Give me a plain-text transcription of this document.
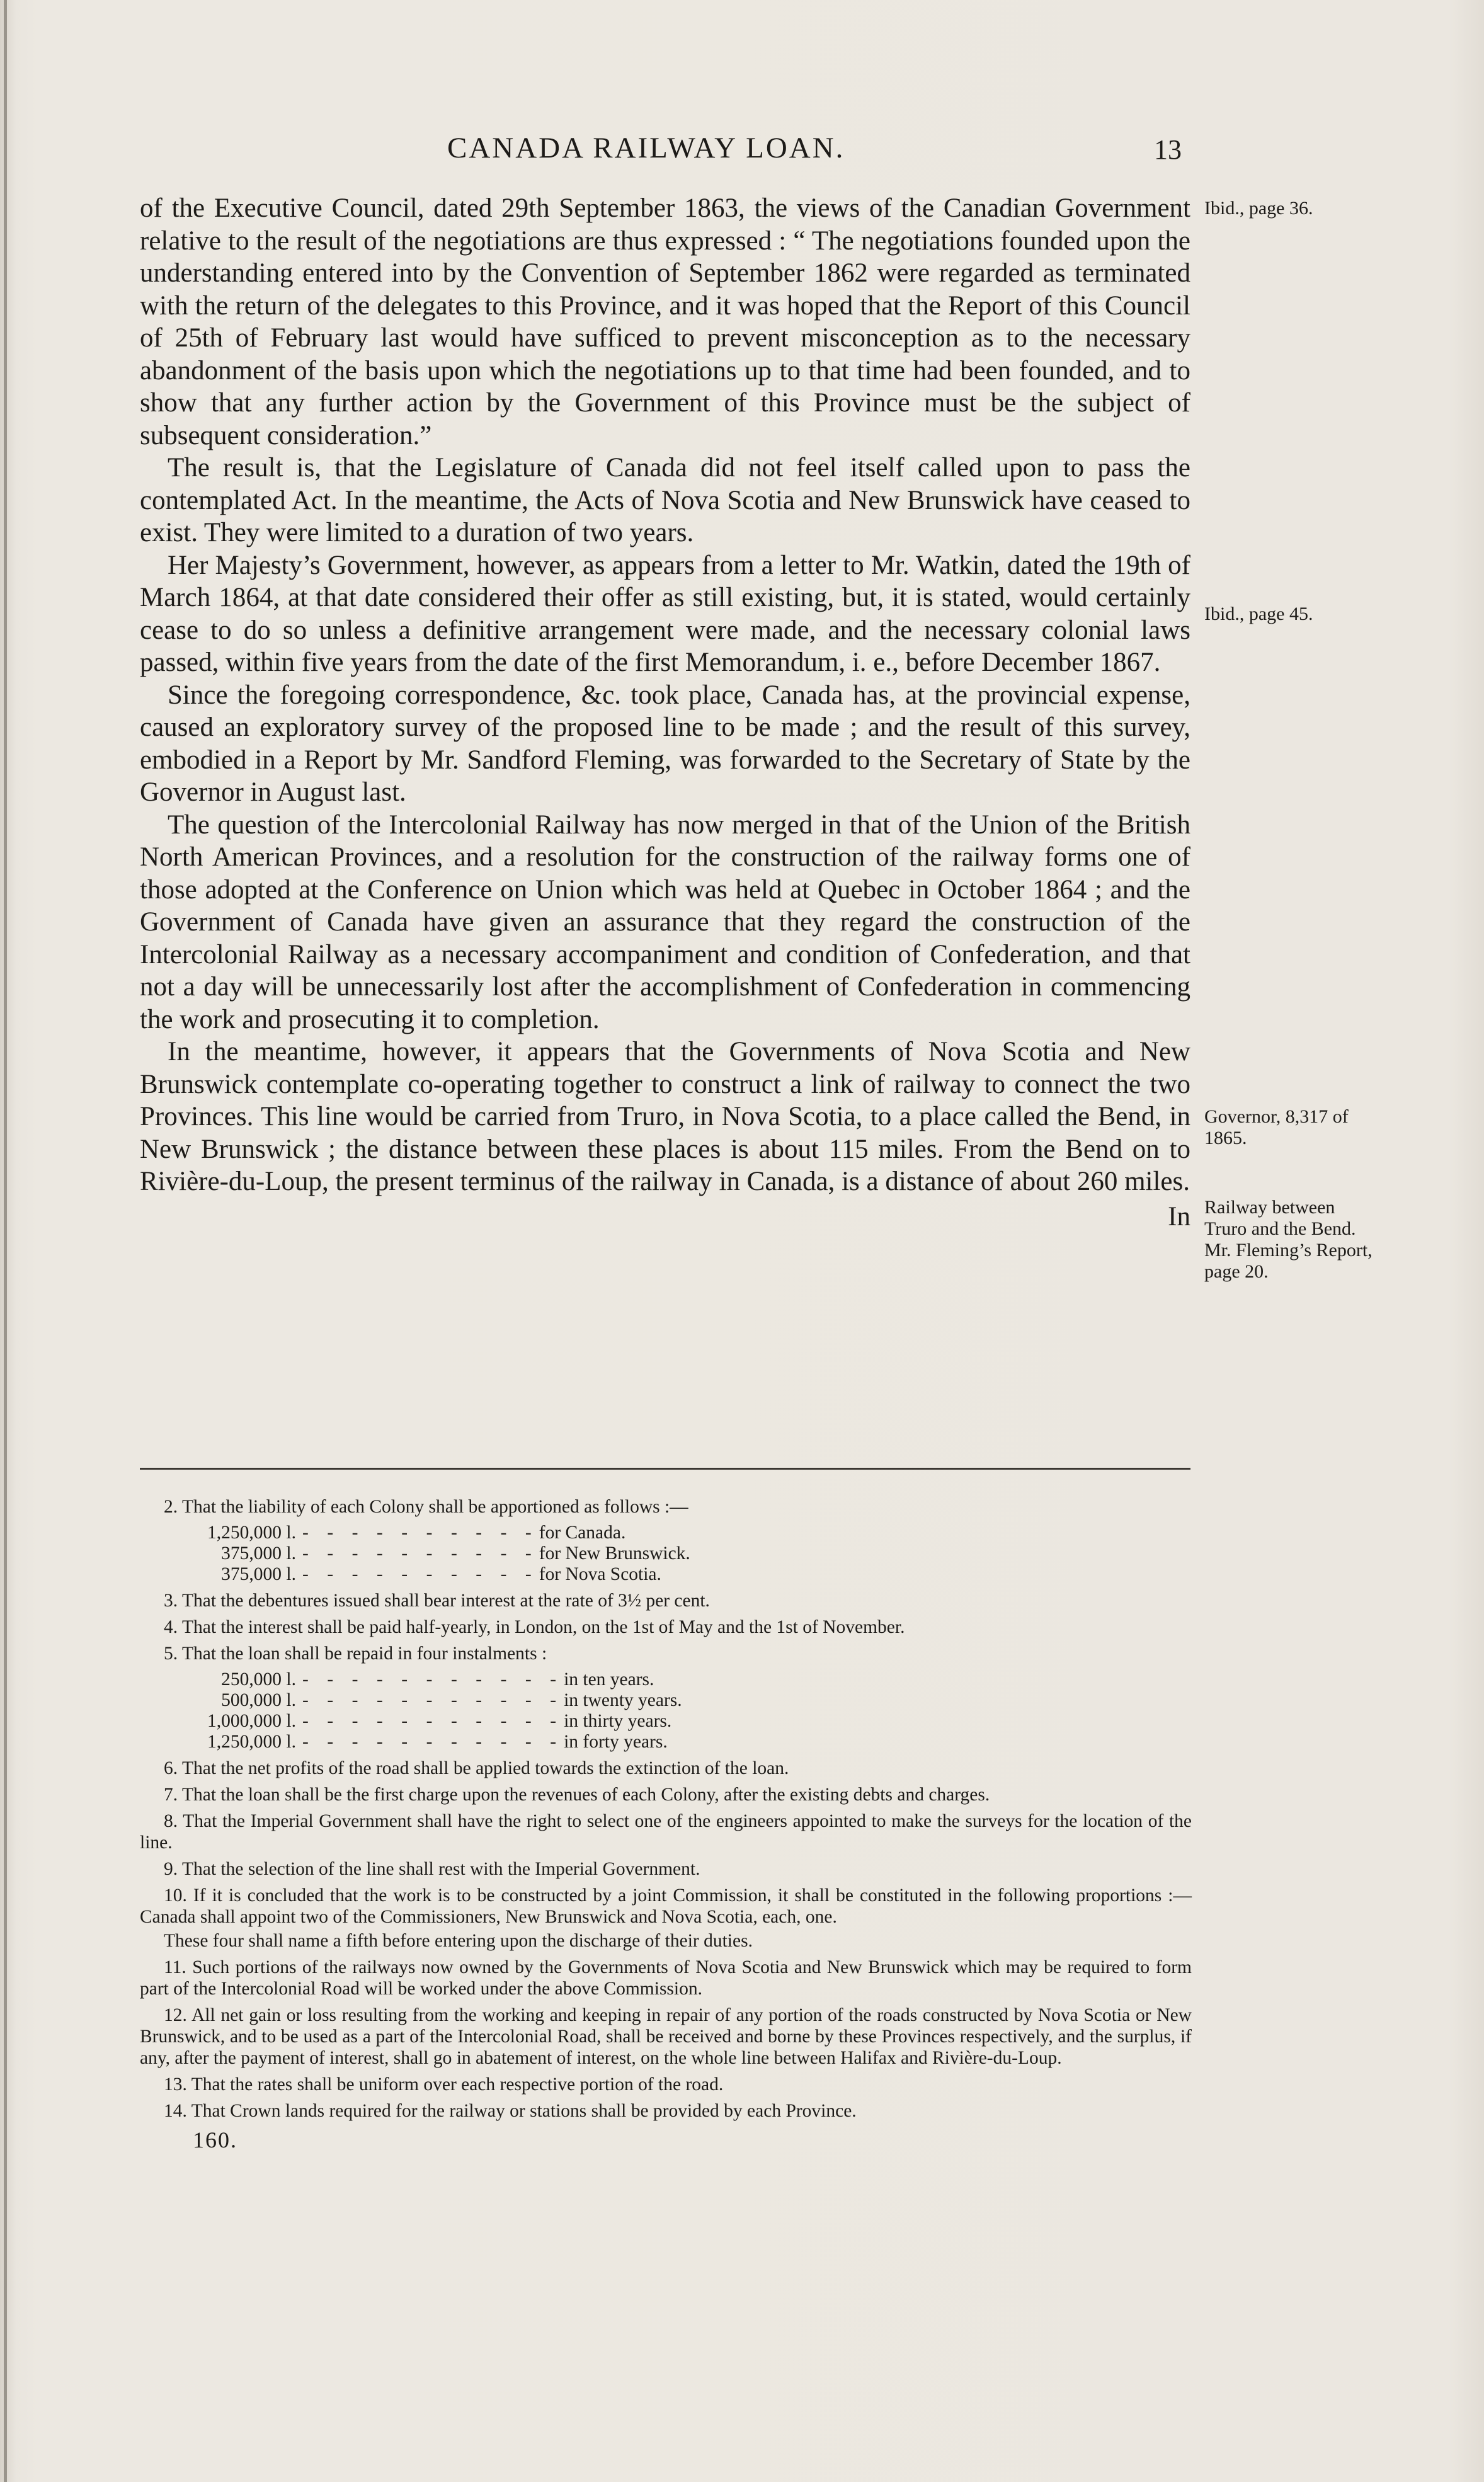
CANADA RAILWAY LOAN.	13

of the Executive Council, dated 29th September 1863, the views of the Canadian Government relative to the result of the negotiations are thus expressed : “ The negotiations founded upon the understanding entered into by the Convention of September 1862 were regarded as terminated with the return of the delegates to this Province, and it was hoped that the Report of this Council of 25th of February last would have sufficed to prevent misconception as to the necessary abandonment of the basis upon which the negotiations up to that time had been founded, and to show that any further action by the Government of this Province must be the subject of subsequent consideration.”

The result is, that the Legislature of Canada did not feel itself called upon to pass the contemplated Act. In the meantime, the Acts of Nova Scotia and New Brunswick have ceased to exist. They were limited to a duration of two years.

Her Majesty’s Government, however, as appears from a letter to Mr. Watkin, dated the 19th of March 1864, at that date considered their offer as still existing, but, it is stated, would certainly cease to do so unless a definitive arrangement were made, and the necessary colonial laws passed, within five years from the date of the first Memorandum, i. e., before December 1867.

Since the foregoing correspondence, &c. took place, Canada has, at the provincial expense, caused an exploratory survey of the proposed line to be made ; and the result of this survey, embodied in a Report by Mr. Sandford Fleming, was forwarded to the Secretary of State by the Governor in August last.

The question of the Intercolonial Railway has now merged in that of the Union of the British North American Provinces, and a resolution for the construction of the railway forms one of those adopted at the Conference on Union which was held at Quebec in October 1864 ; and the Government of Canada have given an assurance that they regard the construction of the Intercolonial Railway as a necessary accompaniment and condition of Confederation, and that not a day will be unnecessarily lost after the accomplishment of Confederation in commencing the work and prosecuting it to completion.

In the meantime, however, it appears that the Governments of Nova Scotia and New Brunswick contemplate co-operating together to construct a link of railway to connect the two Provinces. This line would be carried from Truro, in Nova Scotia, to a place called the Bend, in New Brunswick ; the distance between these places is about 115 miles. From the Bend on to Rivière-du-Loup, the present terminus of the railway in Canada, is a distance of about 260 miles.

In
Ibid., page 36.
Ibid., page 45.
Governor, 8,317 of 1865.
Railway between Truro and the Bend. Mr. Fleming’s Report, page 20.
2. That the liability of each Colony shall be apportioned as follows :—
1,250,000 l. -    -    -    -    -    -    -    -    -    - for Canada.
375,000 l. -    -    -    -    -    -    -    -    -    - for New Brunswick.
375,000 l. -    -    -    -    -    -    -    -    -    - for Nova Scotia.
3. That the debentures issued shall bear interest at the rate of 3½ per cent.
4. That the interest shall be paid half-yearly, in London, on the 1st of May and the 1st of November.
5. That the loan shall be repaid in four instalments :
250,000 l. -    -    -    -    -    -    -    -    -    -    - in ten years.
500,000 l. -    -    -    -    -    -    -    -    -    -    - in twenty years.
1,000,000 l. -    -    -    -    -    -    -    -    -    -    - in thirty years.
1,250,000 l. -    -    -    -    -    -    -    -    -    -    - in forty years.
6. That the net profits of the road shall be applied towards the extinction of the loan.
7. That the loan shall be the first charge upon the revenues of each Colony, after the existing debts and charges.
8. That the Imperial Government shall have the right to select one of the engineers appointed to make the surveys for the location of the line.
9. That the selection of the line shall rest with the Imperial Government.
10. If it is concluded that the work is to be constructed by a joint Commission, it shall be constituted in the following proportions :—Canada shall appoint two of the Commissioners, New Brunswick and Nova Scotia, each, one.
These four shall name a fifth before entering upon the discharge of their duties.
11. Such portions of the railways now owned by the Governments of Nova Scotia and New Brunswick which may be required to form part of the Intercolonial Road will be worked under the above Commission.
12. All net gain or loss resulting from the working and keeping in repair of any portion of the roads constructed by Nova Scotia or New Brunswick, and to be used as a part of the Intercolonial Road, shall be received and borne by these Provinces respectively, and the surplus, if any, after the payment of interest, shall go in abatement of interest, on the whole line between Halifax and Rivière-du-Loup.
13. That the rates shall be uniform over each respective portion of the road.
14. That Crown lands required for the railway or stations shall be provided by each Province.
160.
